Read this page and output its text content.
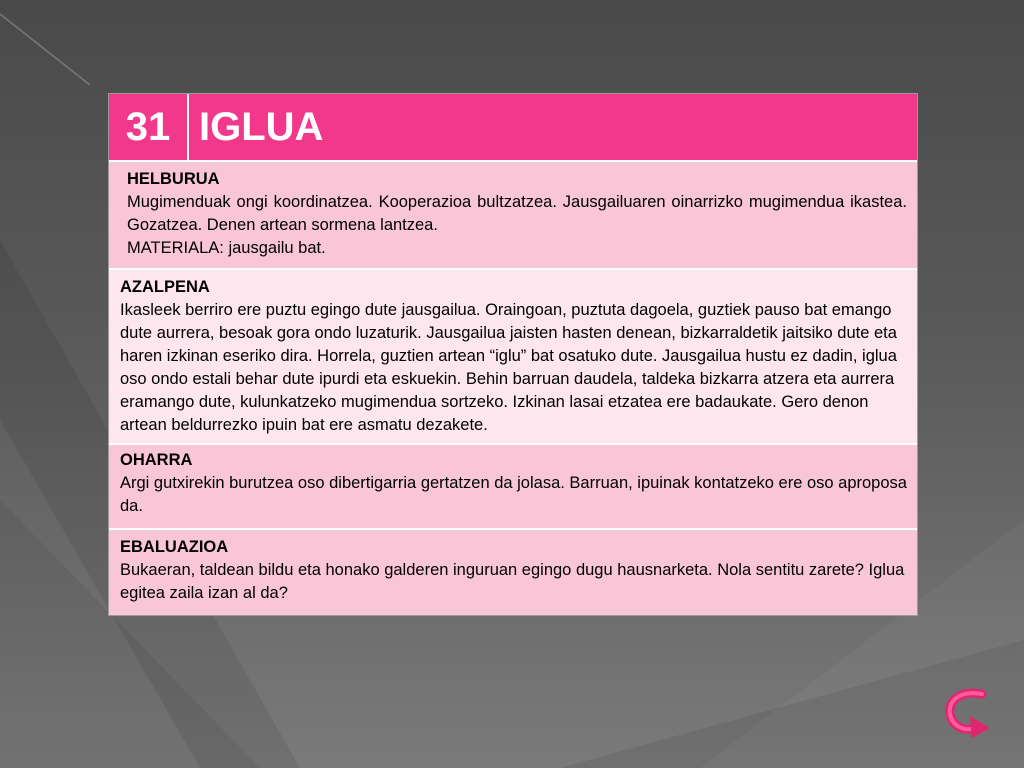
31 IGLUA
HELBURUA

Mugimenduak ongi koordinatzea. Kooperazioa bultzatzea. Jausgailuaren oinarrizko mugimendua ikastea. Gozatzea. Denen artean sormena lantzea.

MATERIALA: jausgailu bat.

AZALPENA

Ikasleek berriro ere puztu egingo dute jausgailua. Oraingoan, puztuta dagoela, guztiek pauso bat emango dute aurrera, besoak gora ondo luzaturik. Jausgailua jaisten hasten denean, bizkarraldetik jaitsiko dute eta haren izkinan eseriko dira. Horrela, guztien artean “iglu” bat osatuko dute. Jausgailua hustu ez dadin, iglua oso ondo estali behar dute ipurdi eta eskuekin. Behin barruan daudela, taldeka bizkarra atzera eta aurrera eramango dute, kulunkatzeko mugimendua sortzeko. Izkinan lasai etzatea ere badaukate. Gero denon artean beldurrezko ipuin bat ere asmatu dezakete.

OHARRA

Argi gutxirekin burutzea oso dibertigarria gertatzen da jolasa. Barruan, ipuinak kontatzeko ere oso aproposa da.

EBALUAZIOA

Bukaeran, taldean bildu eta honako galderen inguruan egingo dugu hausnarketa. Nola sentitu zarete? Iglua egitea zaila izan al da?
